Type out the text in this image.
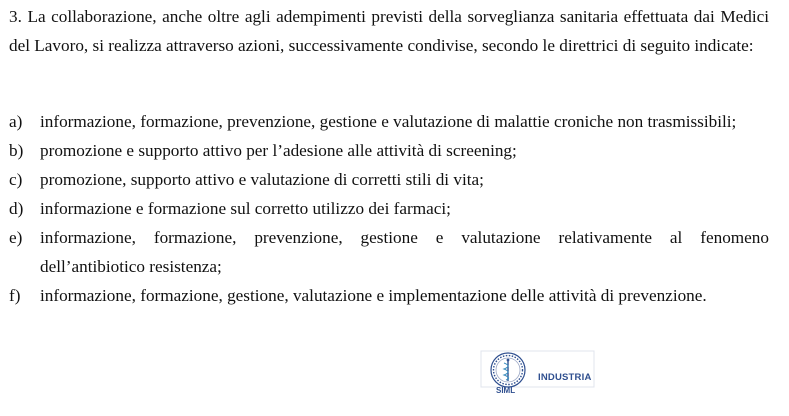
3. La collaborazione, anche oltre agli adempimenti previsti della sorveglianza sanitaria effettuata dai Medici del Lavoro, si realizza attraverso azioni, successivamente condivise, secondo le direttrici di seguito indicate:
a) informazione, formazione, prevenzione, gestione e valutazione di malattie croniche non trasmissibili;
b) promozione e supporto attivo per l’adesione alle attività di screening;
c) promozione, supporto attivo e valutazione di corretti stili di vita;
d) informazione e formazione sul corretto utilizzo dei farmaci;
e) informazione, formazione, prevenzione, gestione e valutazione relativamente al fenomeno dell’antibiotico resistenza;
f) informazione, formazione, gestione, valutazione e implementazione delle attività di prevenzione.
INDUSTRIA
SIML
